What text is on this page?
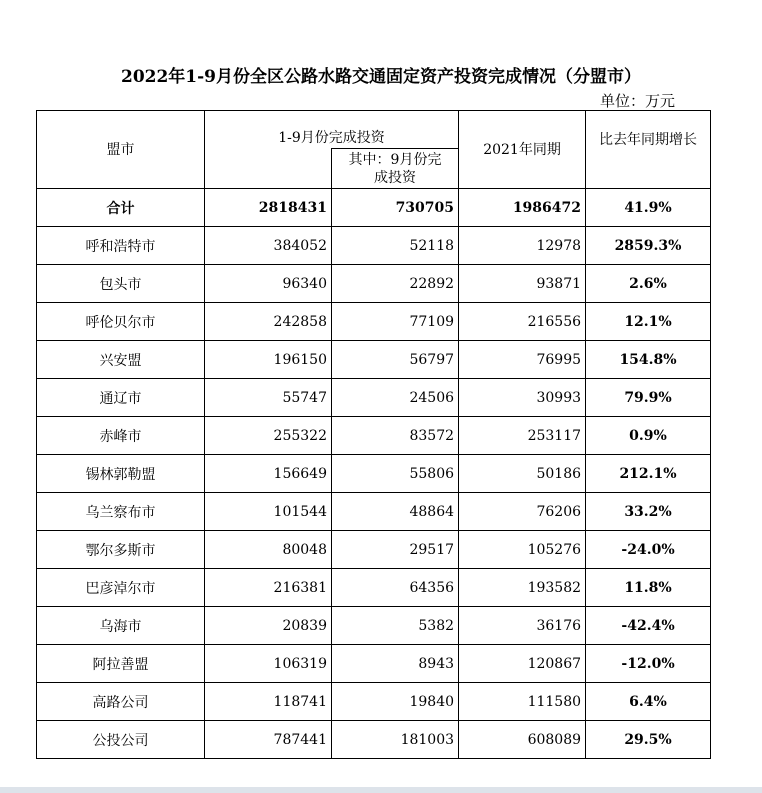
2022年1-9月份全区公路水路交通固定资产投资完成情况（分盟市）
单位：万元
盟市	1-9月份完成投资		2021年同期	比去年同期增长
		其中：9月份完成投资		
合计	2818431	730705	1986472	41.9%
呼和浩特市	384052	52118	12978	2859.3%
包头市	96340	22892	93871	2.6%
呼伦贝尔市	242858	77109	216556	12.1%
兴安盟	196150	56797	76995	154.8%
通辽市	55747	24506	30993	79.9%
赤峰市	255322	83572	253117	0.9%
锡林郭勒盟	156649	55806	50186	212.1%
乌兰察布市	101544	48864	76206	33.2%
鄂尔多斯市	80048	29517	105276	-24.0%
巴彦淖尔市	216381	64356	193582	11.8%
乌海市	20839	5382	36176	-42.4%
阿拉善盟	106319	8943	120867	-12.0%
高路公司	118741	19840	111580	6.4%
公投公司	787441	181003	608089	29.5%
